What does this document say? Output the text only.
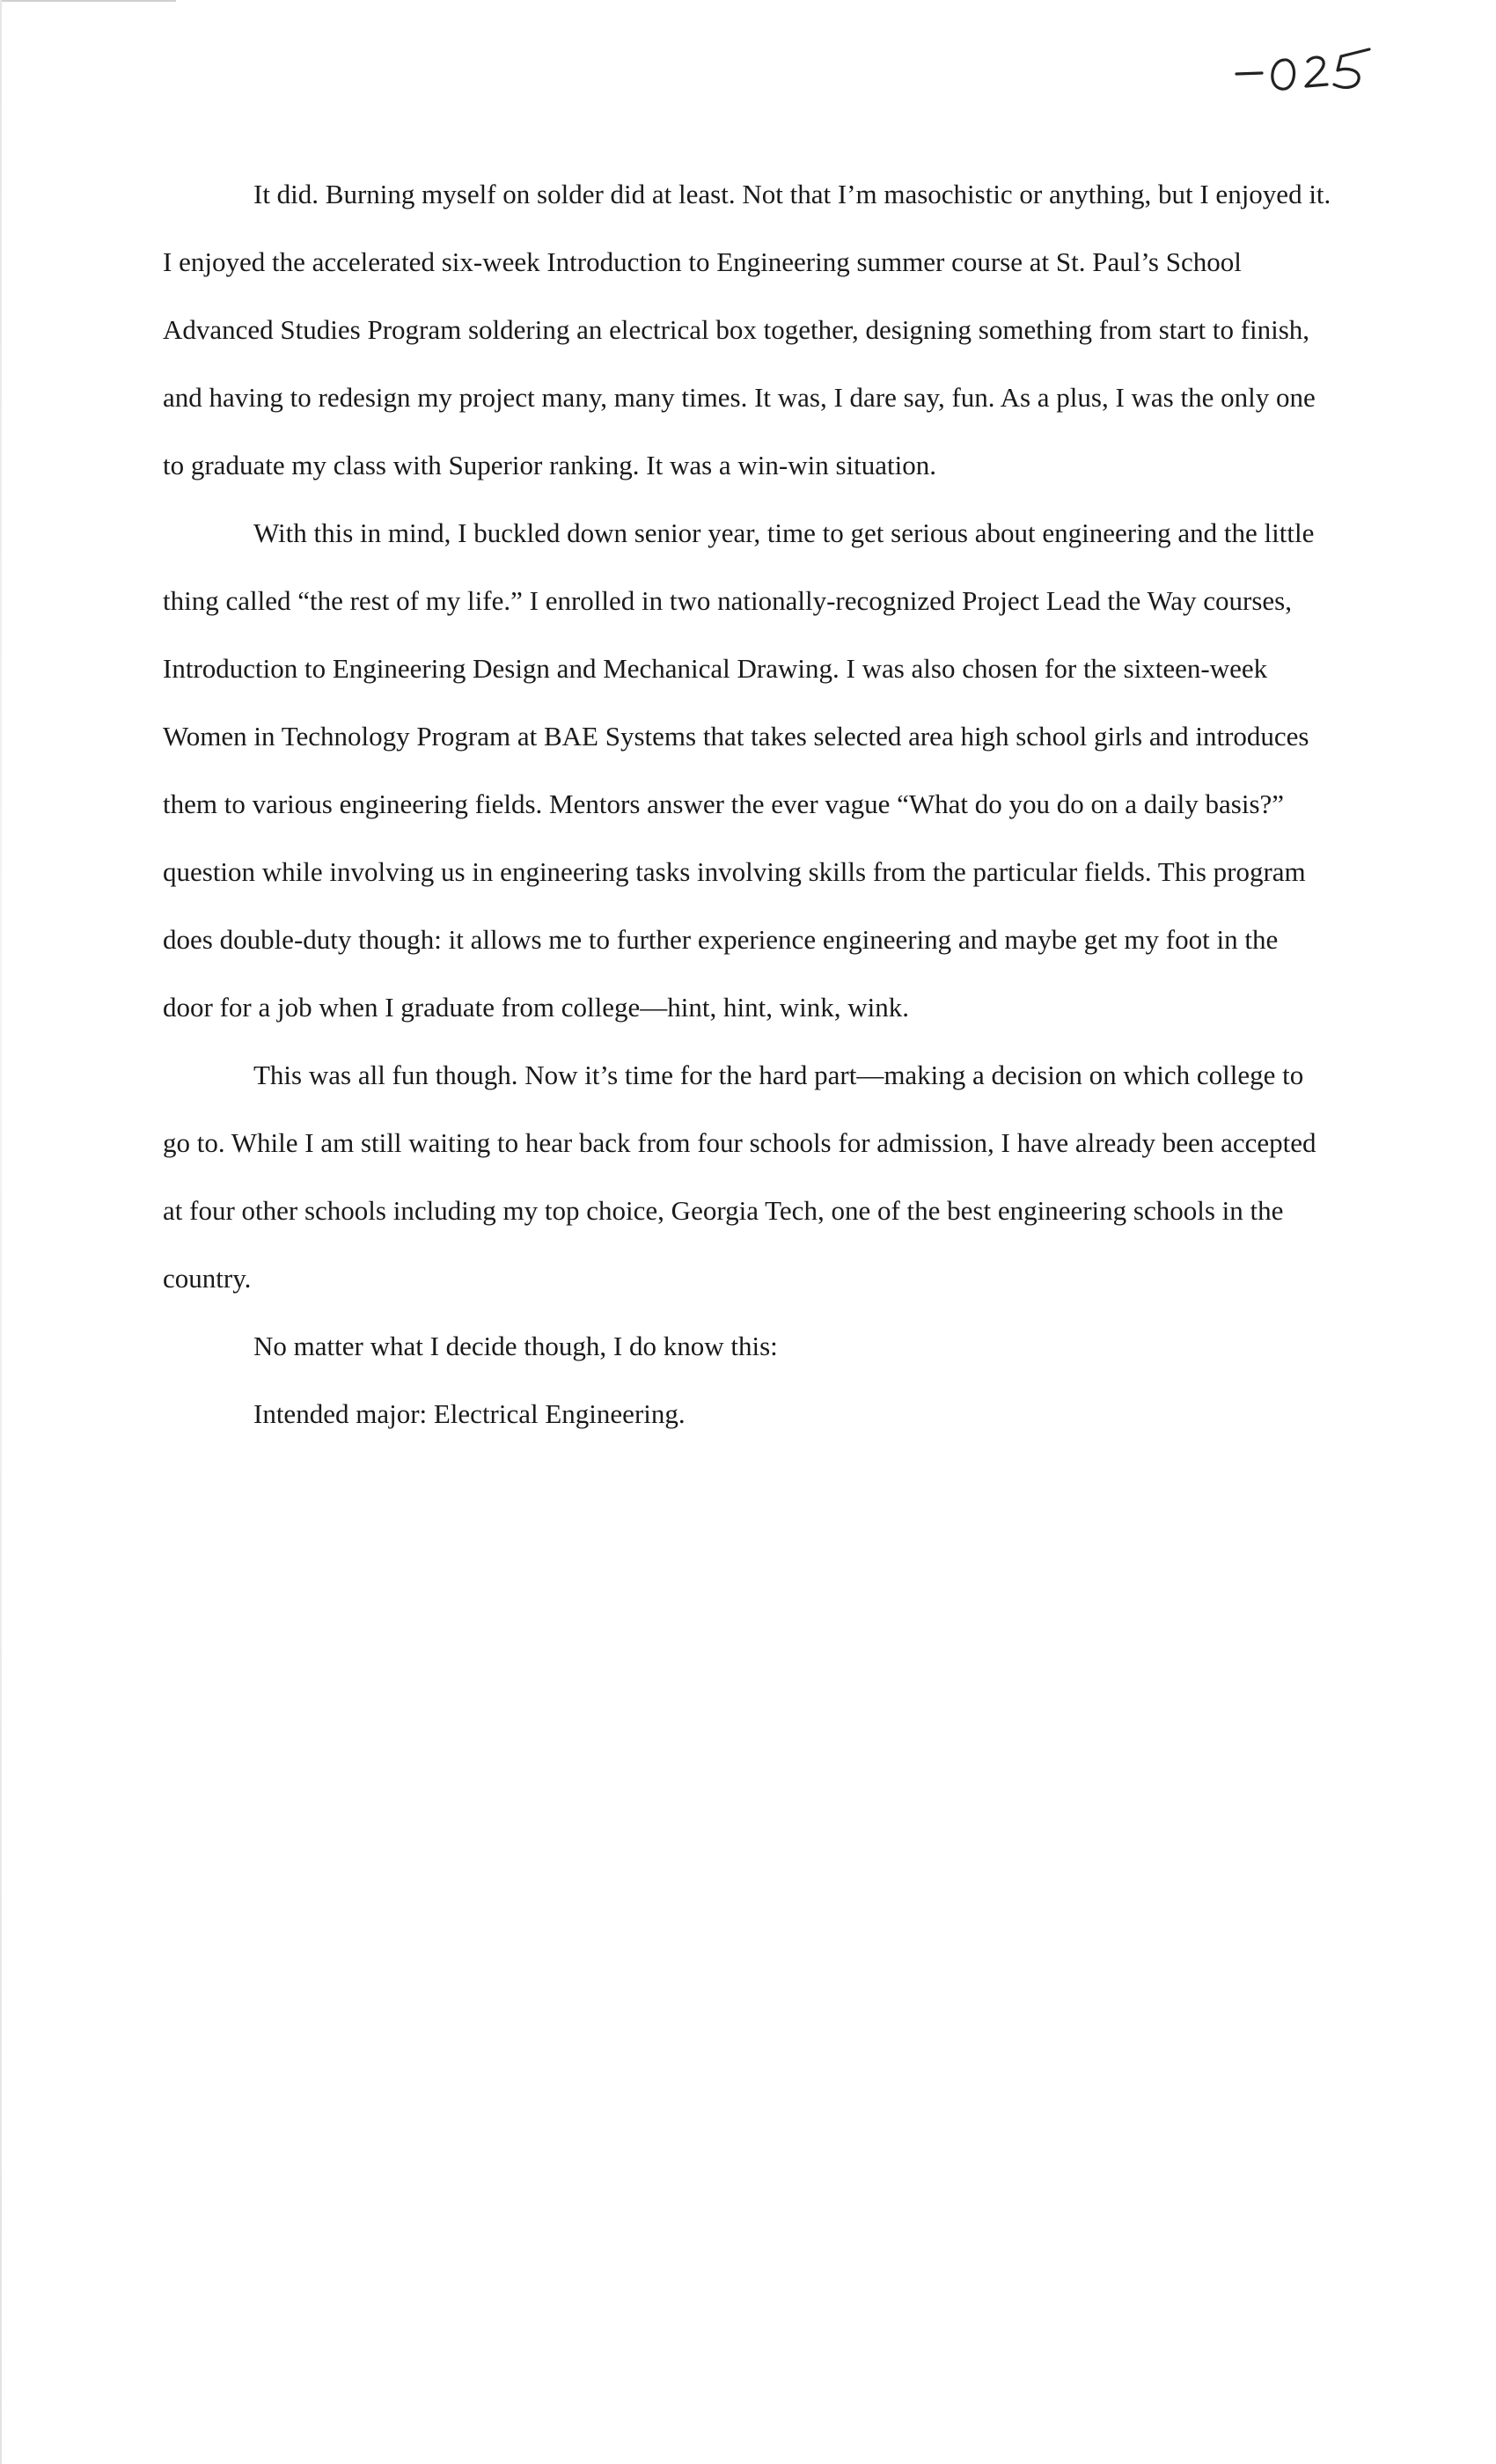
It did. Burning myself on solder did at least. Not that I’m masochistic or anything, but I enjoyed it. I enjoyed the accelerated six-week Introduction to Engineering summer course at St. Paul’s School Advanced Studies Program soldering an electrical box together, designing something from start to finish, and having to redesign my project many, many times. It was, I dare say, fun. As a plus, I was the only one to graduate my class with Superior ranking. It was a win-win situation.

With this in mind, I buckled down senior year, time to get serious about engineering and the little thing called “the rest of my life.” I enrolled in two nationally-recognized Project Lead the Way courses, Introduction to Engineering Design and Mechanical Drawing. I was also chosen for the sixteen-week Women in Technology Program at BAE Systems that takes selected area high school girls and introduces them to various engineering fields. Mentors answer the ever vague “What do you do on a daily basis?” question while involving us in engineering tasks involving skills from the particular fields. This program does double-duty though: it allows me to further experience engineering and maybe get my foot in the door for a job when I graduate from college—hint, hint, wink, wink.

This was all fun though. Now it’s time for the hard part—making a decision on which college to go to. While I am still waiting to hear back from four schools for admission, I have already been accepted at four other schools including my top choice, Georgia Tech, one of the best engineering schools in the country.

No matter what I decide though, I do know this:

Intended major: Electrical Engineering.
